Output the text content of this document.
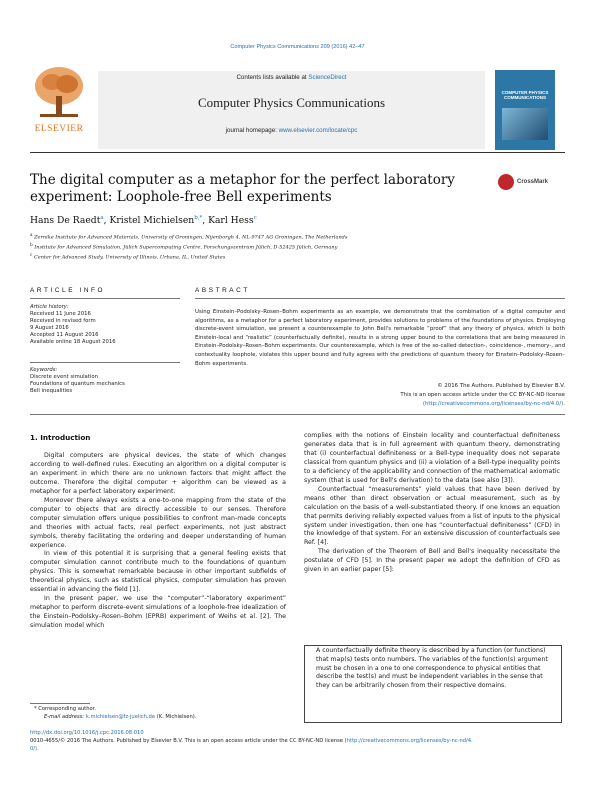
Computer Physics Communications 209 (2016) 42–47
ELSEVIER
Contents lists available at ScienceDirect
Computer Physics Communications
journal homepage: www.elsevier.com/locate/cpc
COMPUTER PHYSICS COMMUNICATIONS
The digital computer as a metaphor for the perfect laboratory
experiment: Loophole-free Bell experiments
CrossMark
Hans De Raedt$^a$, Kristel Michielsen$^{b,*}$, Karl Hess$^c$
$^a$ Zernike Institute for Advanced Materials, University of Groningen, Nijenborgh 4, NL-9747 AG Groningen, The Netherlands
$^b$ Institute for Advanced Simulation, Jülich Supercomputing Centre, Forschungszentrum Jülich, D-52425 Jülich, Germany
$^c$ Center for Advanced Study, University of Illinois, Urbana, IL, United States
ARTICLE INFO	ABSTRACT
Article history:
Received 11 June 2016
Received in revised form
9 August 2016
Accepted 11 August 2016
Available online 18 August 2016
Keywords:
Discrete event simulation
Foundations of quantum mechanics
Bell inequalities
Using Einstein–Podolsky–Rosen–Bohm experiments as an example, we demonstrate that the combination of a digital computer and algorithms, as a metaphor for a perfect laboratory experiment, provides solutions to problems of the foundations of physics. Employing discrete-event simulation, we present a counterexample to John Bell's remarkable “proof” that any theory of physics, which is both Einstein-local and “realistic” (counterfactually definite), results in a strong upper bound to the correlations that are being measured in Einstein–Podolsky–Rosen–Bohm experiments. Our counterexample, which is free of the so-called detection-, coincidence-, memory-, and contextuality loophole, violates this upper bound and fully agrees with the predictions of quantum theory for Einstein–Podolsky–Rosen–Bohm experiments.
© 2016 The Authors. Published by Elsevier B.V.
This is an open access article under the CC BY-NC-ND license
(http://creativecommons.org/licenses/by-nc-nd/4.0/).
1. Introduction

Digital computers are physical devices, the state of which changes according to well-defined rules. Executing an algorithm on a digital computer is an experiment in which there are no unknown factors that might affect the outcome. Therefore the digital computer + algorithm can be viewed as a metaphor for a perfect laboratory experiment.

Moreover there always exists a one-to-one mapping from the state of the computer to objects that are directly accessible to our senses. Therefore computer simulation offers unique possibilities to confront man-made concepts and theories with actual facts, real perfect experiments, not just abstract symbols, thereby facilitating the ordering and deeper understanding of human experience.

In view of this potential it is surprising that a general feeling exists that computer simulation cannot contribute much to the foundations of quantum physics. This is somewhat remarkable because in other important subfields of theoretical physics, such as statistical physics, computer simulation has proven essential in advancing the field [1].

In the present paper, we use the “computer”-“laboratory experiment” metaphor to perform discrete-event simulations of a loophole-free idealization of the Einstein–Podolsky–Rosen–Bohm (EPRB) experiment of Weihs et al. [2]. The simulation model which

complies with the notions of Einstein locality and counterfactual definiteness generates data that is in full agreement with quantum theory, demonstrating that (i) counterfactual definiteness or a Bell-type inequality does not separate classical from quantum physics and (ii) a violation of a Bell-type inequality points to a deficiency of the applicability and connection of the mathematical axiomatic system (that is used for Bell's derivation) to the data (see also [3]).

Counterfactual “measurements” yield values that have been derived by means other than direct observation or actual measurement, such as by calculation on the basis of a well-substantiated theory. If one knows an equation that permits deriving reliably expected values from a list of inputs to the physical system under investigation, then one has “counterfactual definiteness” (CFD) in the knowledge of that system. For an extensive discussion of counterfactuals see Ref. [4].

The derivation of the Theorem of Bell and Bell's inequality necessitate the postulate of CFD [5]. In the present paper we adopt the definition of CFD as given in an earlier paper [5]:

A counterfactually definite theory is described by a function (or functions) that map(s) tests onto numbers. The variables of the function(s) argument must be chosen in a one to one correspondence to physical entities that describe the test(s) and must be independent variables in the sense that they can be arbitrarily chosen from their respective domains.
* Corresponding author.
E-mail address: k.michielsen@fz-juelich.de (K. Michielsen).
http://dx.doi.org/10.1016/j.cpc.2016.08.010
0010-4655/© 2016 The Authors. Published by Elsevier B.V. This is an open access article under the CC BY-NC-ND license (http://creativecommons.org/licenses/by-nc-nd/4.
0/).
